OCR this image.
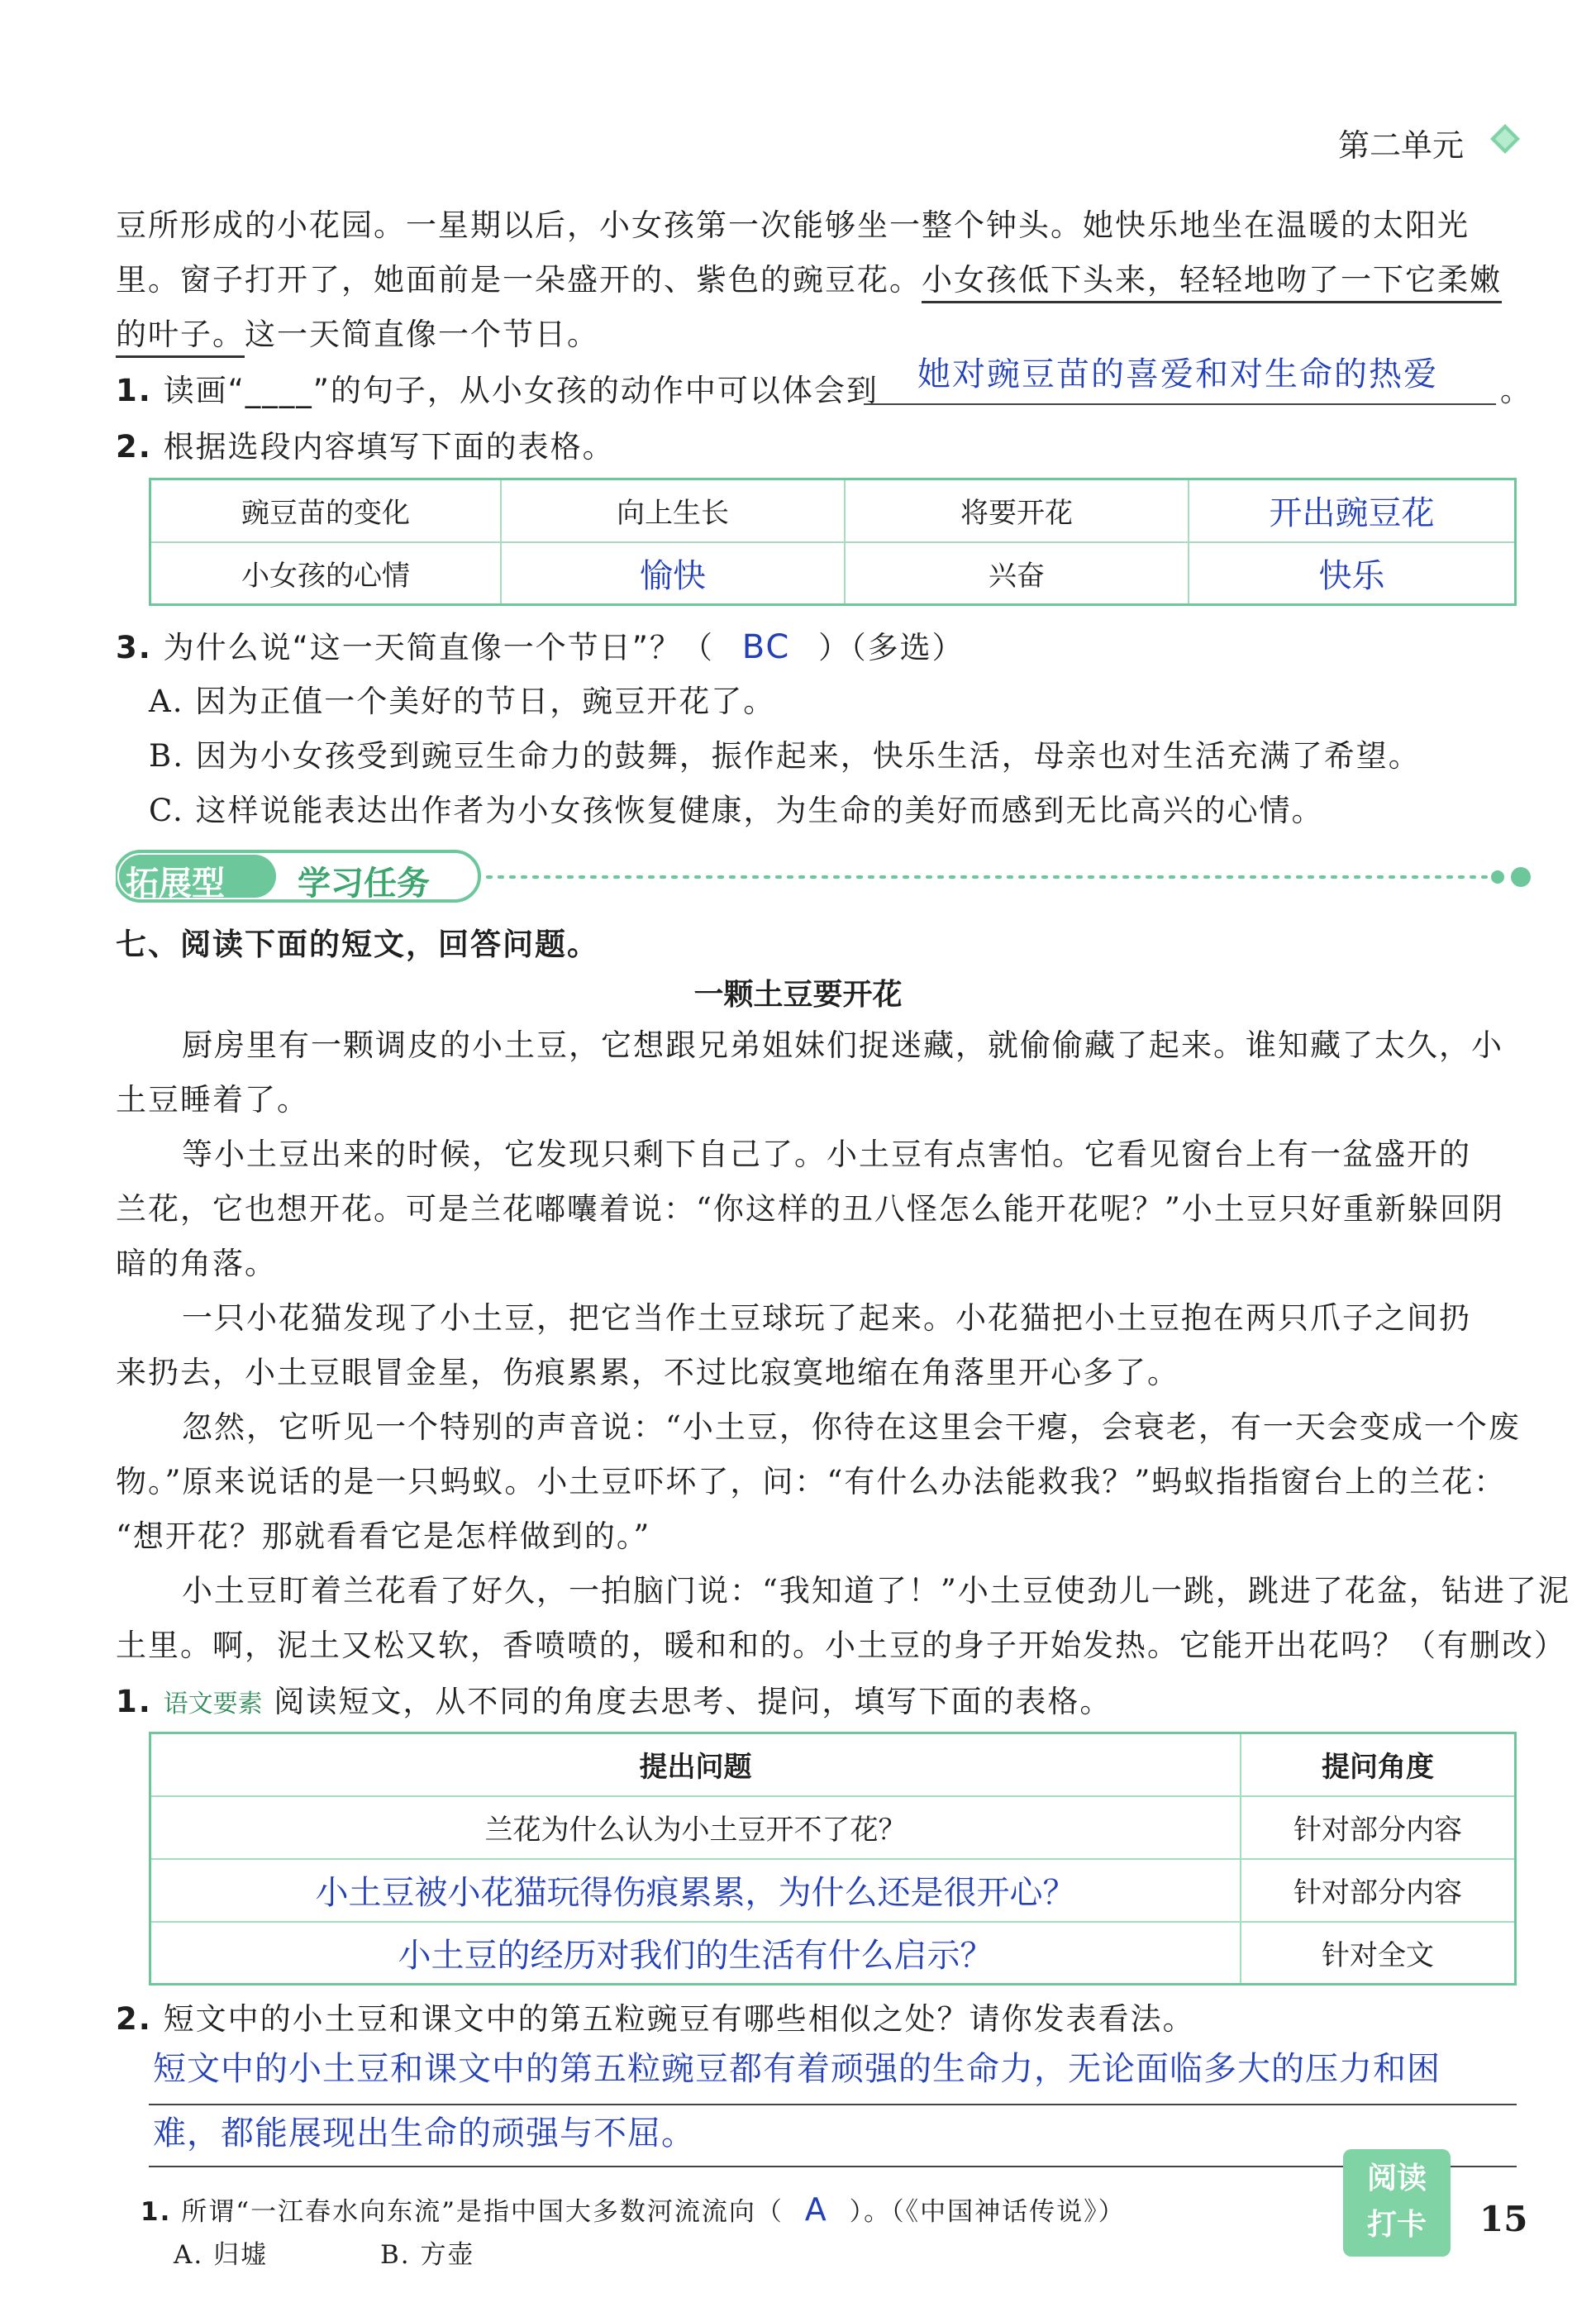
第二单元
豆所形成的小花园。一星期以后，小女孩第一次能够坐一整个钟头。她快乐地坐在温暖的太阳光
里。窗子打开了，她面前是一朵盛开的、紫色的豌豆花。小女孩低下头来，轻轻地吻了一下它柔嫩
的叶子。这一天简直像一个节日。
1. 读画“____”的句子，从小女孩的动作中可以体会到	她对豌豆苗的喜爱和对生命的热爱	。
2. 根据选段内容填写下面的表格。
豌豆苗的变化	向上生长	将要开花	开出豌豆花
小女孩的心情	愉快	兴奋	快乐
3. 为什么说“这一天简直像一个节日”？（ BC ）（多选）
A. 因为正值一个美好的节日，豌豆开花了。
B. 因为小女孩受到豌豆生命力的鼓舞，振作起来，快乐生活，母亲也对生活充满了希望。
C. 这样说能表达出作者为小女孩恢复健康，为生命的美好而感到无比高兴的心情。
拓展型 学习任务
七、阅读下面的短文，回答问题。
一颗土豆要开花
厨房里有一颗调皮的小土豆，它想跟兄弟姐妹们捉迷藏，就偷偷藏了起来。谁知藏了太久，小
土豆睡着了。
等小土豆出来的时候，它发现只剩下自己了。小土豆有点害怕。它看见窗台上有一盆盛开的
兰花，它也想开花。可是兰花嘟囔着说：“你这样的丑八怪怎么能开花呢？”小土豆只好重新躲回阴
暗的角落。
一只小花猫发现了小土豆，把它当作土豆球玩了起来。小花猫把小土豆抱在两只爪子之间扔
来扔去，小土豆眼冒金星，伤痕累累，不过比寂寞地缩在角落里开心多了。
忽然，它听见一个特别的声音说：“小土豆，你待在这里会干瘪，会衰老，有一天会变成一个废
物。”原来说话的是一只蚂蚁。小土豆吓坏了，问：“有什么办法能救我？”蚂蚁指指窗台上的兰花：
“想开花？那就看看它是怎样做到的。”
小土豆盯着兰花看了好久，一拍脑门说：“我知道了！”小土豆使劲儿一跳，跳进了花盆，钻进了泥
土里。啊，泥土又松又软，香喷喷的，暖和和的。小土豆的身子开始发热。它能开出花吗？（有删改）
1. 语文要素 阅读短文，从不同的角度去思考、提问，填写下面的表格。
提出问题	提问角度
兰花为什么认为小土豆开不了花？	针对部分内容
小土豆被小花猫玩得伤痕累累，为什么还是很开心？	针对部分内容
小土豆的经历对我们的生活有什么启示？	针对全文
2. 短文中的小土豆和课文中的第五粒豌豆有哪些相似之处？请你发表看法。
短文中的小土豆和课文中的第五粒豌豆都有着顽强的生命力，无论面临多大的压力和困
难，都能展现出生命的顽强与不屈。
1. 所谓“一江春水向东流”是指中国大多数河流流向（ A ）。（《中国神话传说》）
A. 归墟	B. 方壶
阅读
打卡	15
